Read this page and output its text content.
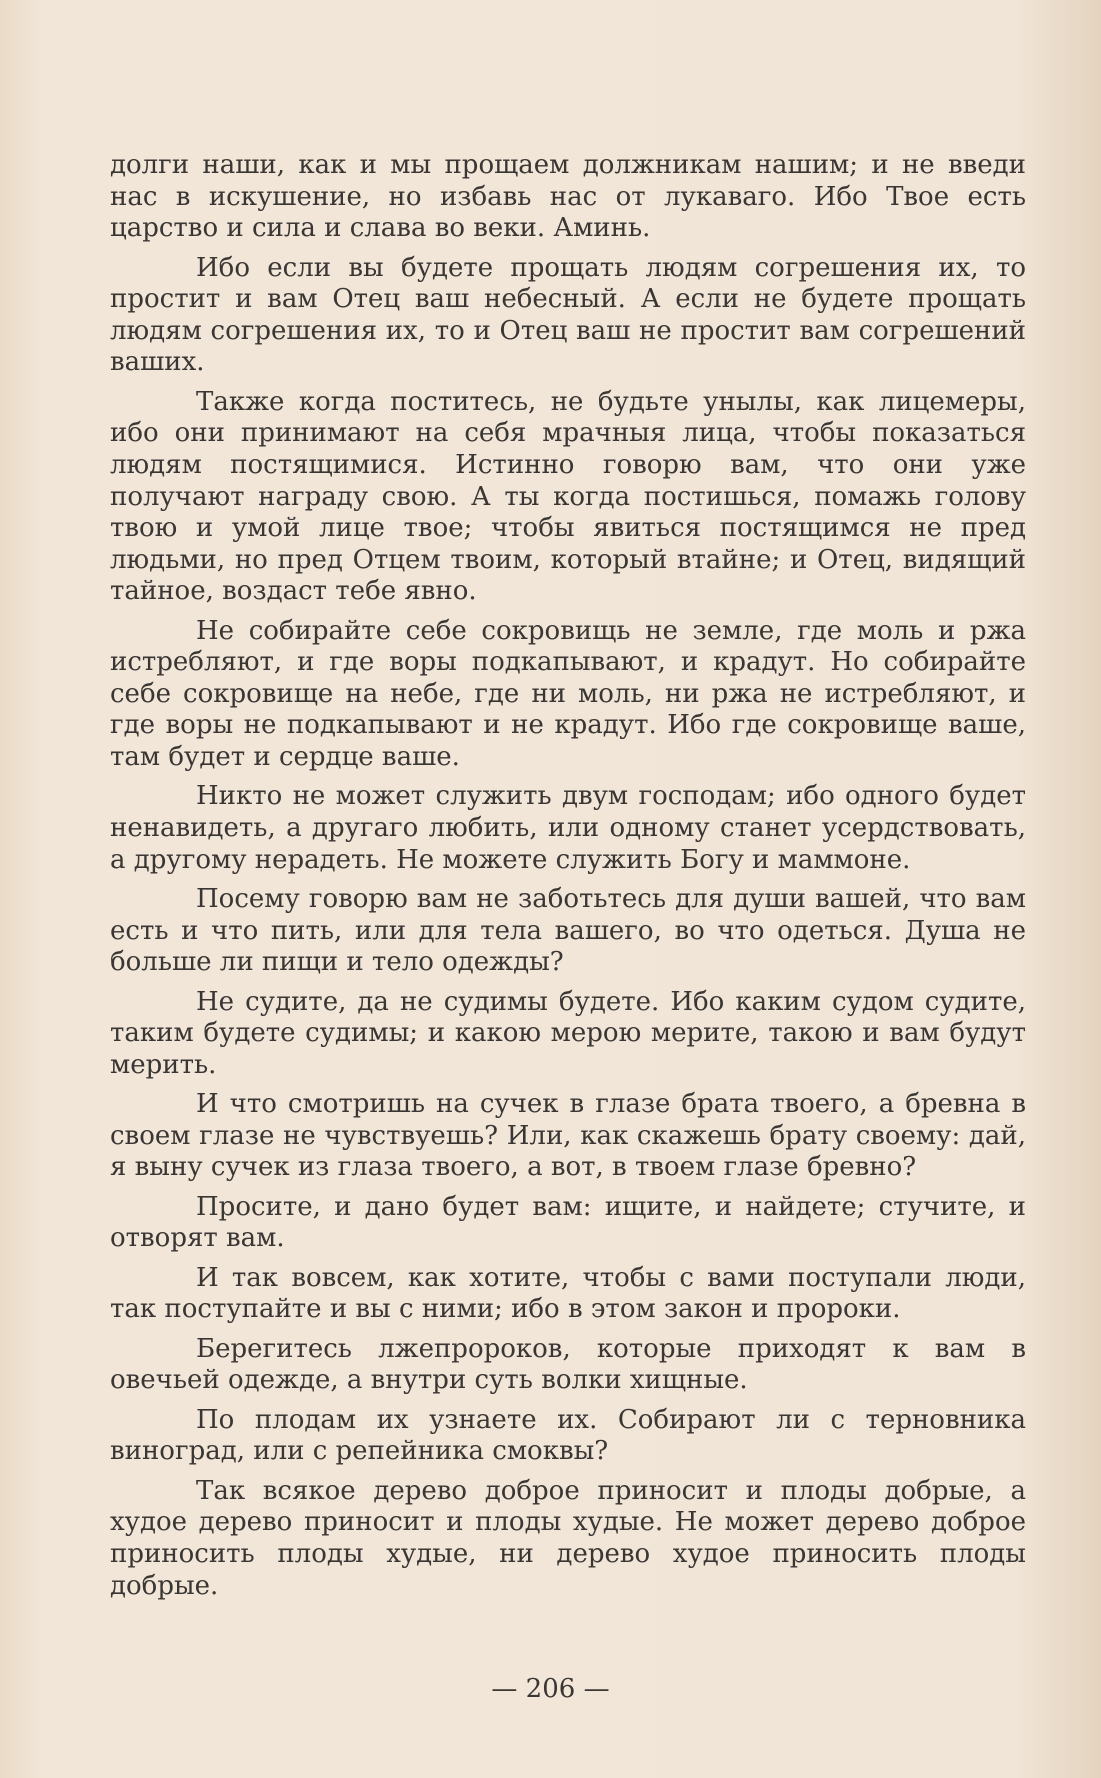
долги наши, как и мы прощаем должникам нашим; и не введи нас в искушение, но избавь нас от лукаваго. Ибо Твое есть царство и сила и слава во веки. Аминь.

Ибо если вы будете прощать людям согрешения их, то простит и вам Отец ваш небесный. А если не будете прощать людям согрешения их, то и Отец ваш не простит вам согрешений ваших.

Также когда поститесь, не будьте унылы, как лицемеры, ибо они принимают на себя мрачныя лица, чтобы показаться людям постящимися. Истинно говорю вам, что они уже получают награду свою. А ты когда постишься, помажь голову твою и умой лице твое; чтобы явиться постящимся не пред людьми, но пред Отцем твоим, который втайне; и Отец, видящий тайное, воздаст тебе явно.

Не собирайте себе сокровищь не земле, где моль и ржа истребляют, и где воры подкапывают, и крадут. Но собирайте себе сокровище на небе, где ни моль, ни ржа не истребляют, и где воры не подкапывают и не крадут. Ибо где сокровище ваше, там будет и сердце ваше.

Никто не может служить двум господам; ибо одного будет ненавидеть, а другаго любить, или одному станет усердствовать, а другому нерадеть. Не можете служить Богу и маммоне.

Посему говорю вам не заботьтесь для души вашей, что вам есть и что пить, или для тела вашего, во что одеться. Душа не больше ли пищи и тело одежды?

Не судите, да не судимы будете. Ибо каким судом судите, таким будете судимы; и какою мерою мерите, такою и вам будут мерить.

И что смотришь на сучек в глазе брата твоего, а бревна в своем глазе не чувствуешь? Или, как скажешь брату своему: дай, я выну сучек из глаза твоего, а вот, в твоем глазе бревно?

Просите, и дано будет вам: ищите, и найдете; стучите, и отворят вам.

И так вовсем, как хотите, чтобы с вами поступали люди, так поступайте и вы с ними; ибо в этом закон и пророки.

Берегитесь лжепророков, которые приходят к вам в овечьей одежде, а внутри суть волки хищные.

По плодам их узнаете их. Собирают ли с терновника виноград, или с репейника смоквы?

Так всякое дерево доброе приносит и плоды добрые, а худое дерево приносит и плоды худые. Не может дерево доброе приносить плоды худые, ни дерево худое приносить плоды добрые.

— 206 —
